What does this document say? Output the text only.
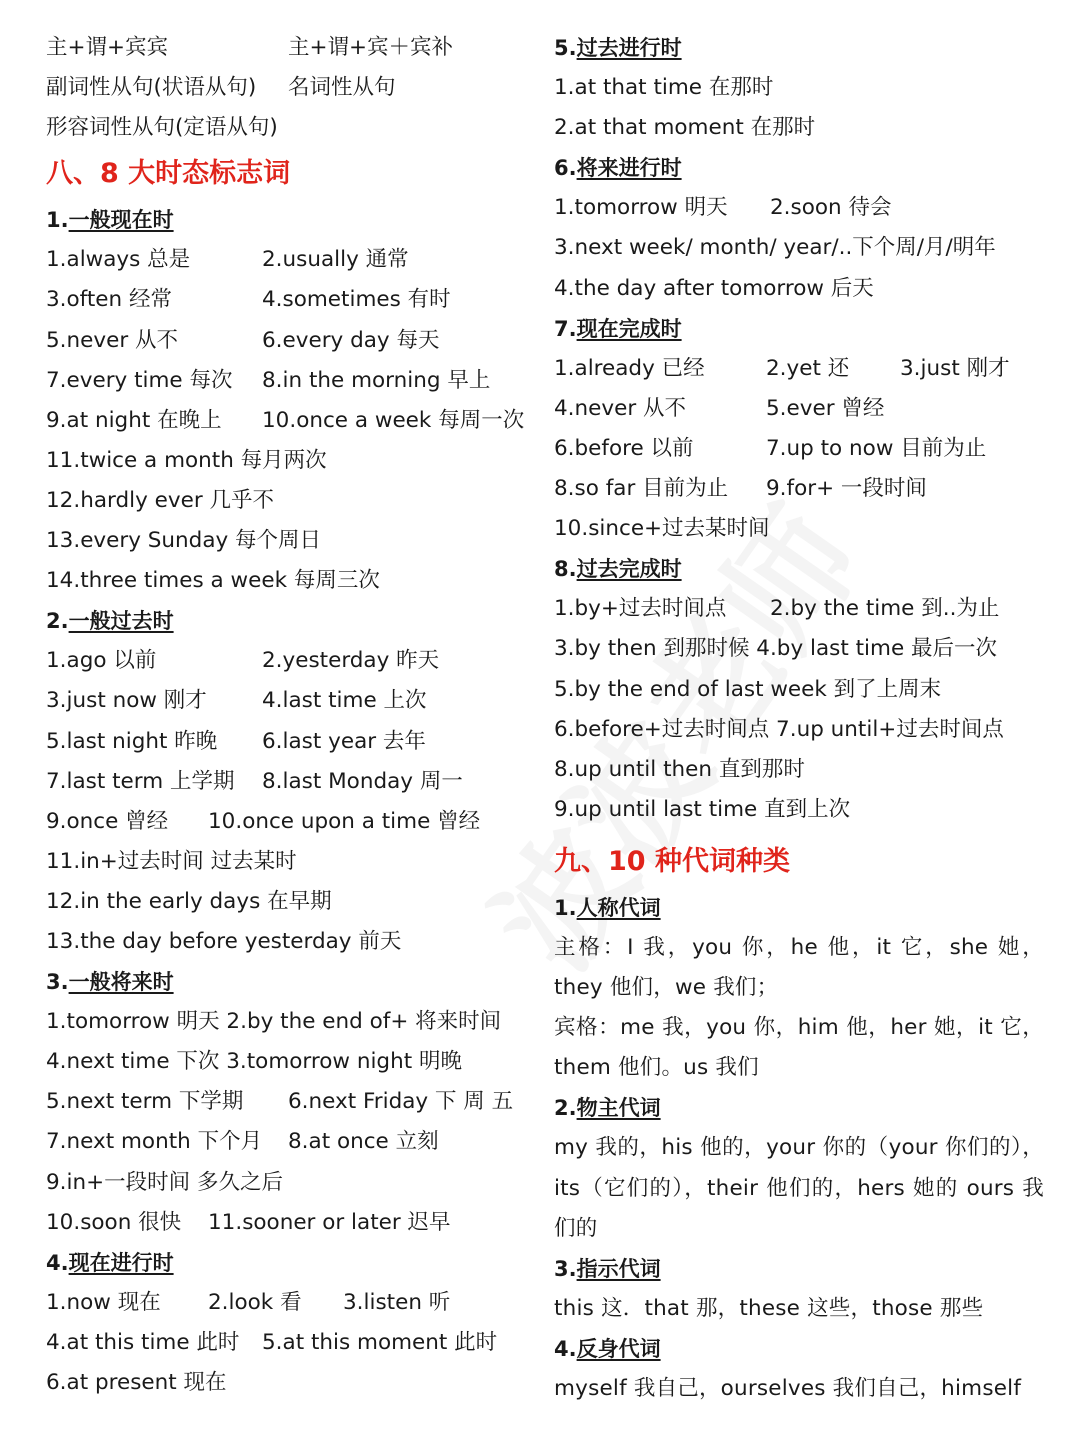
主+谓+宾宾	主+谓+宾＋宾补
副词性从句(状语从句) 名词性从句
形容词性从句(定语从句)
八、8 大时态标志词
1.一般现在时
1.always 总是	2.usually 通常
3.often 经常	4.sometimes 有时
5.never 从不	6.every day 每天
7.every time 每次 8.in the morning 早上
9.at night 在晚上 10.once a week 每周一次
11.twice a month 每月两次
12.hardly ever 几乎不
13.every Sunday 每个周日
14.three times a week 每周三次
2.一般过去时
1.ago 以前	2.yesterday 昨天
3.just now 刚才	4.last time 上次
5.last night 昨晚 6.last year 去年
7.last term 上学期 8.last Monday 周一
9.once 曾经 10.once upon a time 曾经
11.in+过去时间 过去某时
12.in the early days 在早期
13.the day before yesterday 前天
3.一般将来时
1.tomorrow 明天 2.by the end of+ 将来时间
4.next time 下次 3.tomorrow night 明晚
5.next term 下学期 6.next Friday 下 周 五
7.next month 下个月 8.at once 立刻
9.in+一段时间 多久之后
10.soon 很快 11.sooner or later 迟早
4.现在进行时
1.now 现在 2.look 看 3.listen 听
4.at this time 此时 5.at this moment 此时
6.at present 现在
5.过去进行时
1.at that time 在那时
2.at that moment 在那时
6.将来进行时
1.tomorrow 明天 2.soon 待会
3.next week/ month/ year/..下个周/月/明年
4.the day after tomorrow 后天
7.现在完成时
1.already 已经	2.yet 还 3.just 刚才
4.never 从不	5.ever 曾经
6.before 以前	7.up to now 目前为止
8.so far 目前为止 9.for+ 一段时间
10.since+过去某时间
8.过去完成时
1.by+过去时间点 2.by the time 到..为止
3.by then 到那时候 4.by last time 最后一次
5.by the end of last week 到了上周末
6.before+过去时间点 7.up until+过去时间点
8.up until then 直到那时
9.up until last time 直到上次
九、10 种代词种类
1.人称代词
主格：I 我，you 你，he 他，it 它，she 她，they 他们，we 我们；
宾格：me 我，you 你，him 他，her 她，it 它，them 他们。us 我们
2.物主代词
my 我的，his 他的，your 你的（your 你们的），its（它们的），their 他们的，hers 她的 ours 我们的
3.指示代词
this 这．that 那，these 这些，those 那些
4.反身代词
myself 我自己，ourselves 我们自己，himself
